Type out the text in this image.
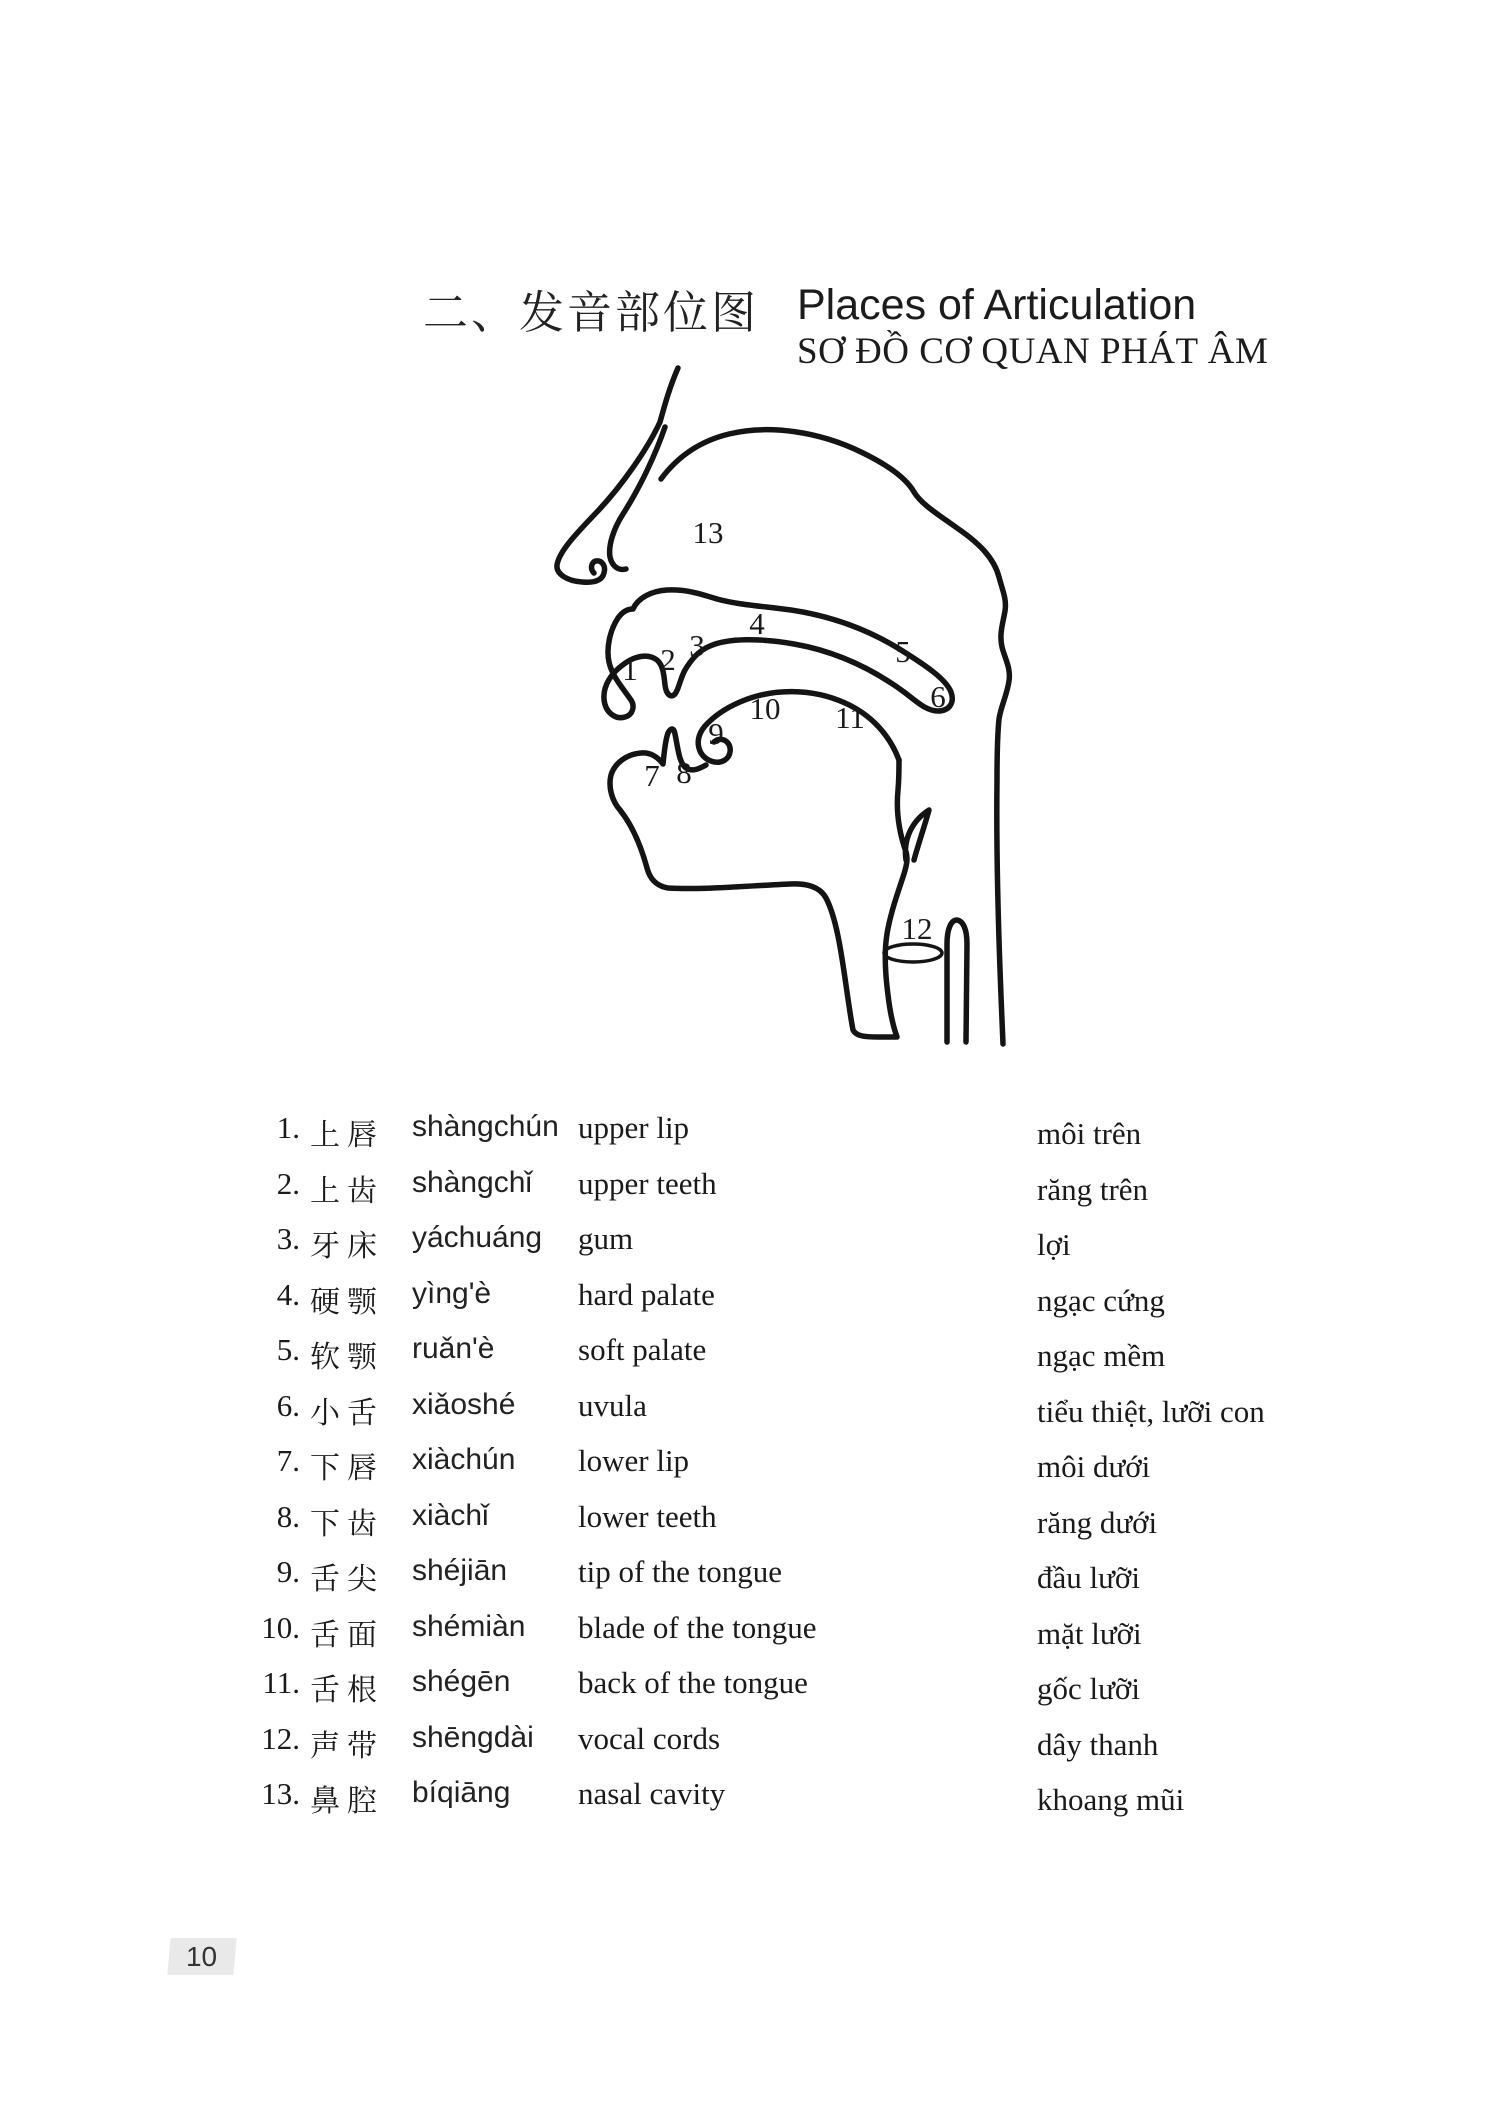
二、发音部位图 Places of Articulation
SƠ ĐỒ CƠ QUAN PHÁT ÂM
1 2 3
4
5
6
7 8
9
10 11
12
13
1. 上唇 shàngchún upper lip	môi trên
2. 上齿 shàngchǐ upper teeth	răng trên
3. 牙床 yáchuáng gum	lợi
4. 硬颚 yìng'è	hard palate	ngạc cứng
5. 软颚 ruǎn'è	soft palate	ngạc mềm
6. 小舌 xiǎoshé uvula	tiểu thiệt, lưỡi con
7. 下唇 xiàchún lower lip	môi dưới
8. 下齿 xiàchǐ	lower teeth	răng dưới
9. 舌尖 shéjiān tip of the tongue	đầu lưỡi
10. 舌面 shémiàn blade of the tongue	mặt lưỡi
11. 舌根 shégēn back of the tongue	gốc lưỡi
12. 声带 shēngdài vocal cords	dây thanh
13. 鼻腔 bíqiāng nasal cavity	khoang mũi
10
